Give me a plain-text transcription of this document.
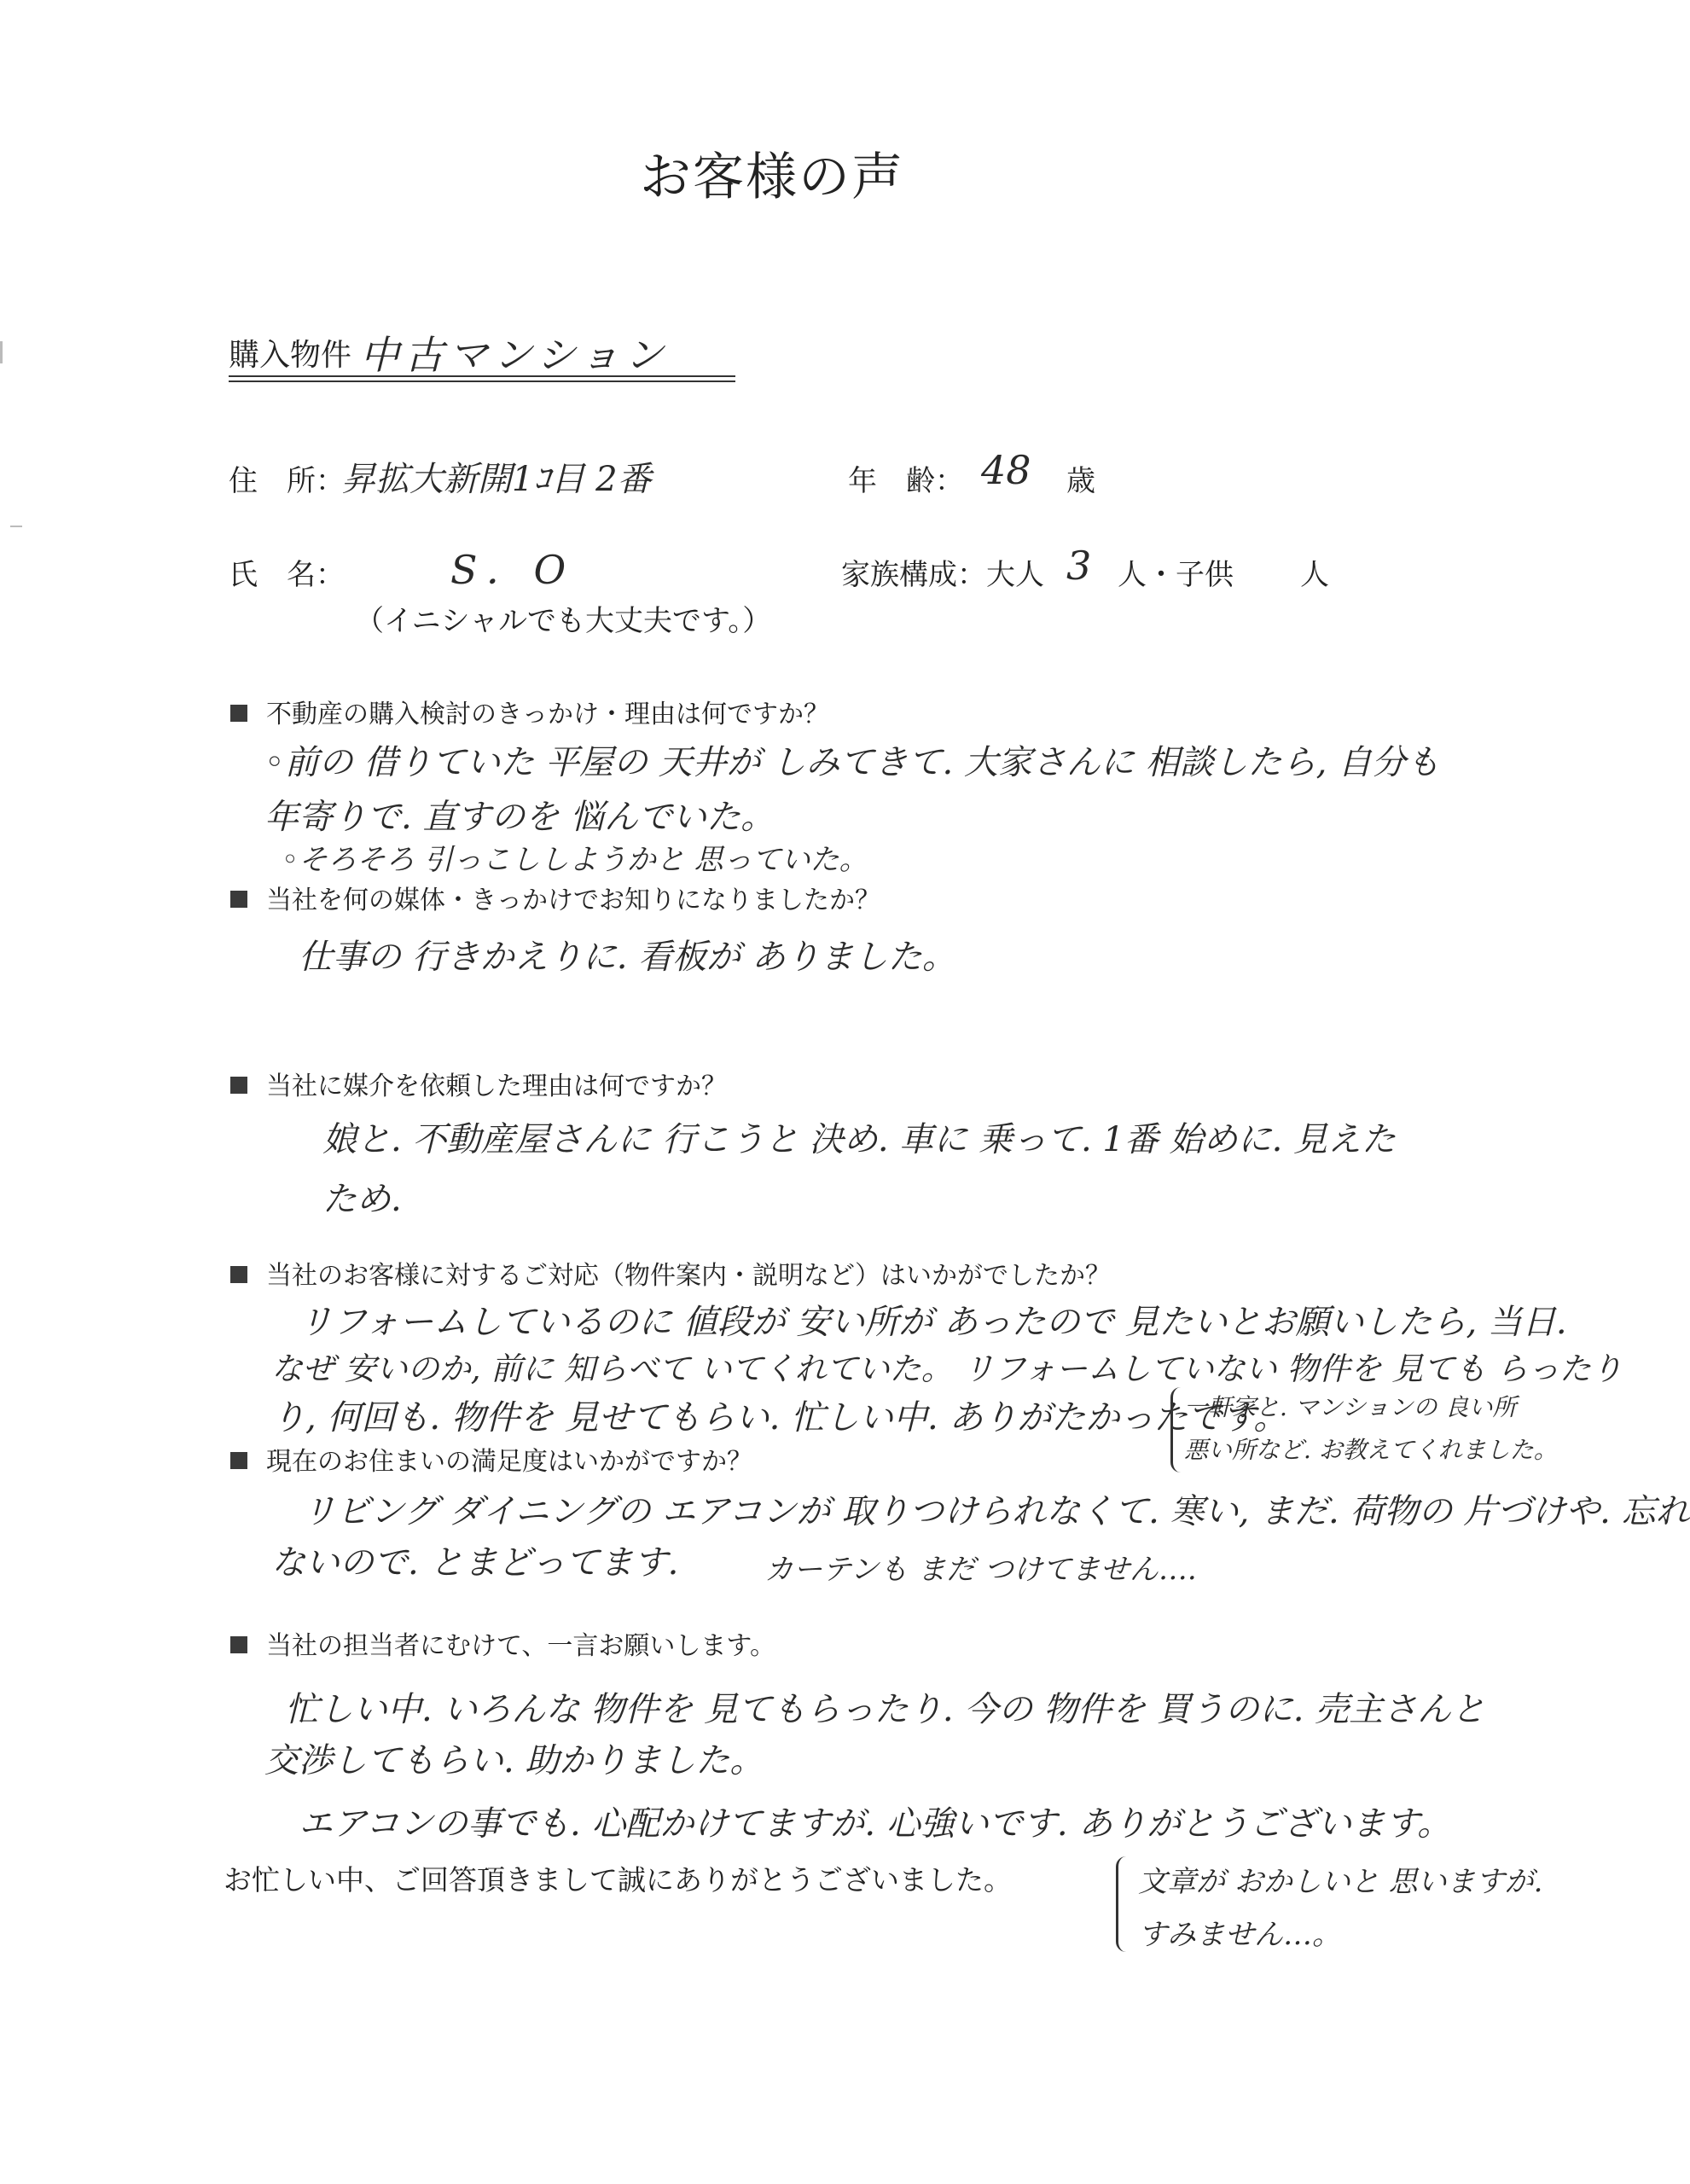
お客様の声
購入物件 中古マンション
住　所：
昇拡大新開1ｺ目 2番	年　齢： 48 歳
氏　名：	S．O
（イニシャルでも大丈夫です。）
家族構成：大人 3 人・子供 人
不動産の購入検討のきっかけ・理由は何ですか？
◦前の 借りていた 平屋の 天井が しみてきて. 大家さんに 相談したら, 自分も
年寄りで. 直すのを 悩んでいた。
◦そろそろ 引っこししようかと 思っていた。
当社を何の媒体・きっかけでお知りになりましたか？
仕事の 行きかえりに. 看板が ありました。
当社に媒介を依頼した理由は何ですか？
娘と. 不動産屋さんに 行こうと 決め. 車に 乗って. 1番 始めに. 見えた
ため.
当社のお客様に対するご対応（物件案内・説明など）はいかがでしたか？
リフォームしているのに 値段が 安い所が あったので 見たいとお願いしたら, 当日.
なぜ 安いのか, 前に 知らべて いてくれていた。 リフォームしていない 物件を 見ても らったり
り, 何回も. 物件を 見せてもらい. 忙しい中. ありがたかったです。
一軒家と. マンションの 良い所
悪い所など. お教えてくれました。
現在のお住まいの満足度はいかがですか？
リビング ダイニングの エアコンが 取りつけられなくて. 寒い, まだ. 荷物の 片づけや. 忘れ
ないので. とまどってます.	カーテンも まだ つけてません….
当社の担当者にむけて、一言お願いします。
忙しい中. いろんな 物件を 見てもらったり. 今の 物件を 買うのに. 売主さんと
交渉してもらい. 助かりました。
エアコンの事でも. 心配かけてますが. 心強いです. ありがとうございます。
お忙しい中、ご回答頂きまして誠にありがとうございました。	文章が おかしいと 思いますが.
すみません…。
